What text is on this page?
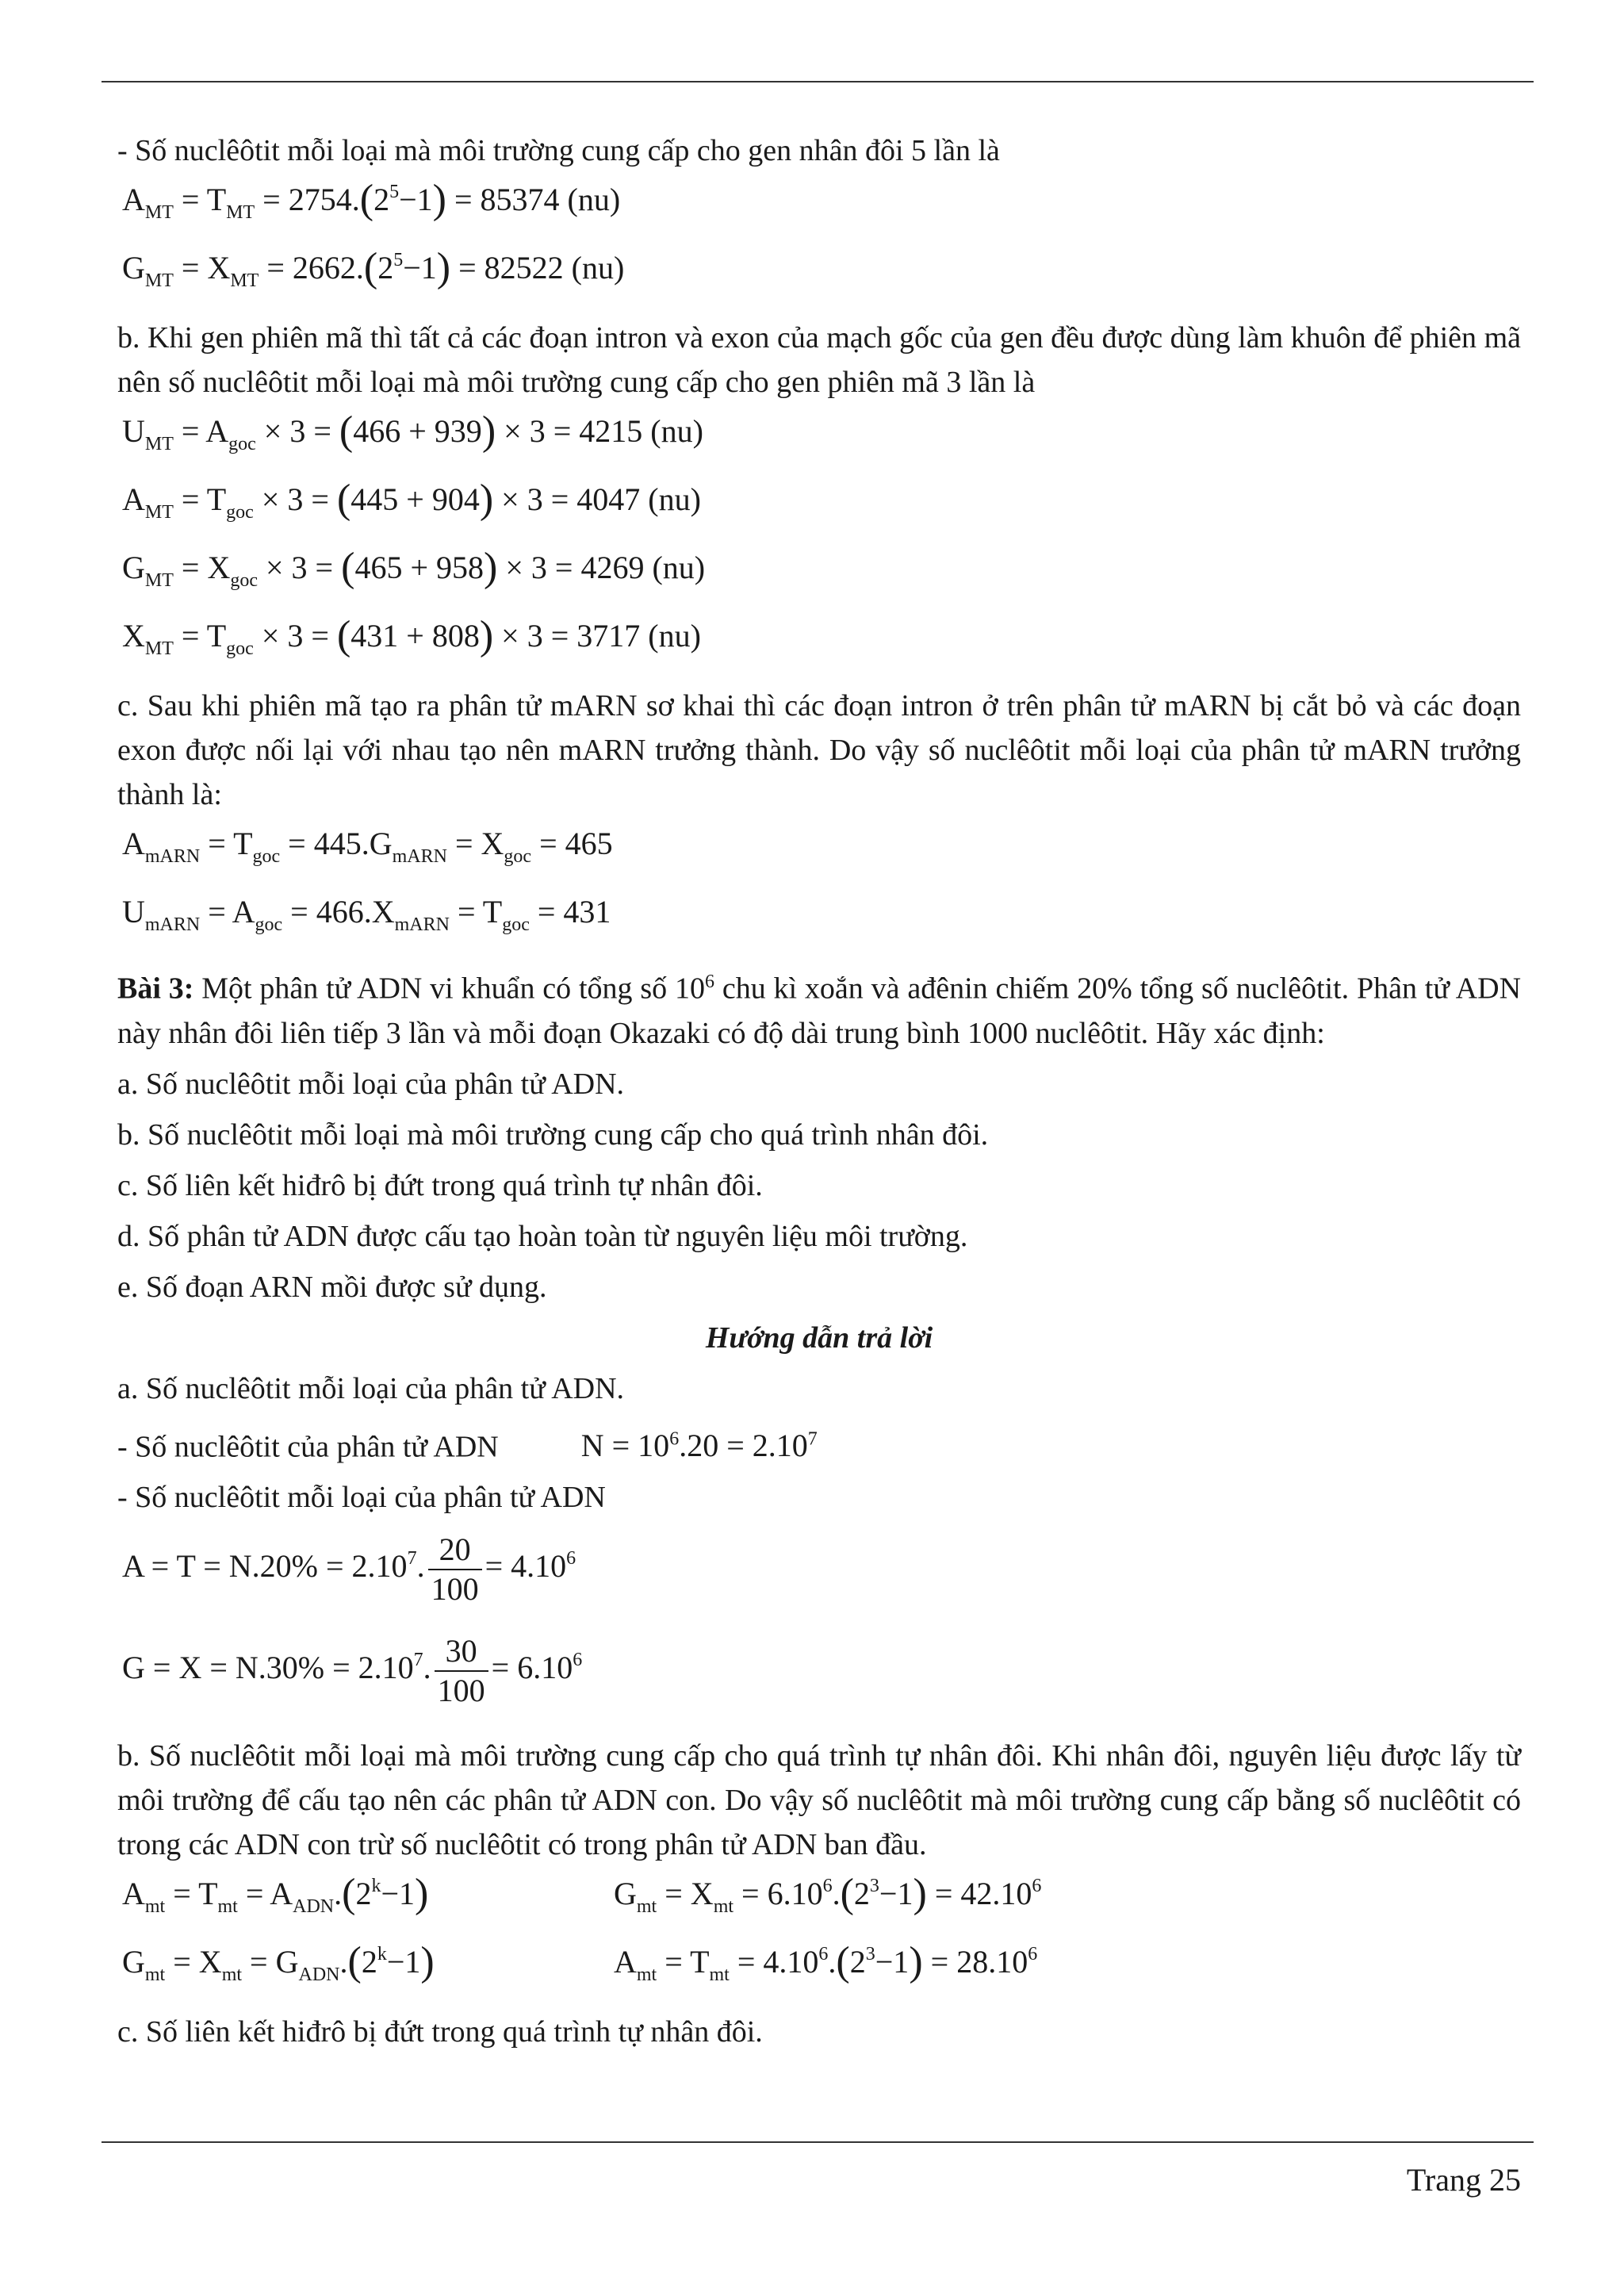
- Số nuclêôtit mỗi loại mà môi trường cung cấp cho gen nhân đôi 5 lần là

$A_{MT} = T_{MT} = 2754.(2^5-1) = 85374$ (nu)
$G_{MT} = X_{MT} = 2662.(2^5-1) = 82522$ (nu)

b. Khi gen phiên mã thì tất cả các đoạn intron và exon của mạch gốc của gen đều được dùng làm khuôn để phiên mã nên số nuclêôtit mỗi loại mà môi trường cung cấp cho gen phiên mã 3 lần là

$U_{MT} = A_{goc} \times 3 = (466 + 939) \times 3 = 4215$ (nu)
$A_{MT} = T_{goc} \times 3 = (445 + 904) \times 3 = 4047$ (nu)
$G_{MT} = X_{goc} \times 3 = (465 + 958) \times 3 = 4269$ (nu)
$X_{MT} = T_{goc} \times 3 = (431 + 808) \times 3 = 3717$ (nu)

c. Sau khi phiên mã tạo ra phân tử mARN sơ khai thì các đoạn intron ở trên phân tử mARN bị cắt bỏ và các đoạn exon được nối lại với nhau tạo nên mARN trưởng thành. Do vậy số nuclêôtit mỗi loại của phân tử mARN trưởng thành là:

$A_{mARN} = T_{goc} = 445.G_{mARN} = X_{goc} = 465$
$U_{mARN} = A_{goc} = 466.X_{mARN} = T_{goc} = 431$

Bài 3: Một phân tử ADN vi khuẩn có tổng số $10^6$ chu kì xoắn và ađênin chiếm 20% tổng số nuclêôtit. Phân tử ADN này nhân đôi liên tiếp 3 lần và mỗi đoạn Okazaki có độ dài trung bình 1000 nuclêôtit. Hãy xác định:

a. Số nuclêôtit mỗi loại của phân tử ADN.

b. Số nuclêôtit mỗi loại mà môi trường cung cấp cho quá trình nhân đôi.

c. Số liên kết hiđrô bị đứt trong quá trình tự nhân đôi.

d. Số phân tử ADN được cấu tạo hoàn toàn từ nguyên liệu môi trường.

e. Số đoạn ARN mồi được sử dụng.

Hướng dẫn trả lời

a. Số nuclêôtit mỗi loại của phân tử ADN.

- Số nuclêôtit của phân tử ADN	$N = 10^6.20 = 2.10^7$

- Số nuclêôtit mỗi loại của phân tử ADN

$A = T = N.20\% = 2.10^7$. $\frac{20}{100} = 4.10^6$
$G = X = N.30\% = 2.10^7$. $\frac{30}{100} = 6.10^6$

b. Số nuclêôtit mỗi loại mà môi trường cung cấp cho quá trình tự nhân đôi. Khi nhân đôi, nguyên liệu được lấy từ môi trường để cấu tạo nên các phân tử ADN con. Do vậy số nuclêôtit mà môi trường cung cấp bằng số nuclêôtit có trong các ADN con trừ số nuclêôtit có trong phân tử ADN ban đầu.

$A_{mt} = T_{mt} = A_{ADN}.(2^k-1)$	$G_{mt} = X_{mt} = 6.10^6.(2^3-1) = 42.10^6$
$G_{mt} = X_{mt} = G_{ADN}.(2^k-1)$	$A_{mt} = T_{mt} = 4.10^6.(2^3-1) = 28.10^6$

c. Số liên kết hiđrô bị đứt trong quá trình tự nhân đôi.

Trang 25
